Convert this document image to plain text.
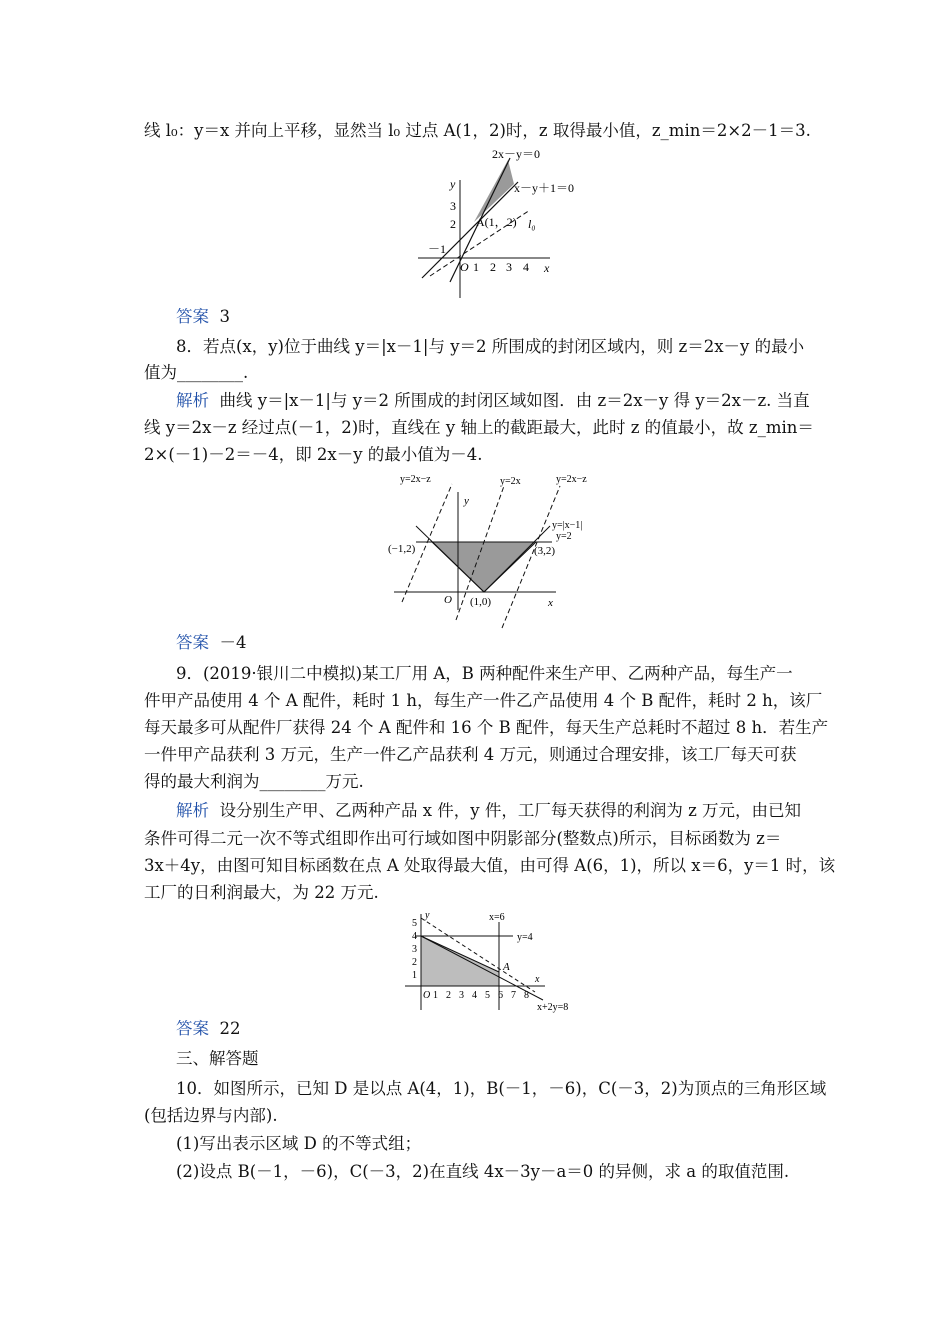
线 l₀：y＝x 并向上平移，显然当 l₀ 过点 A(1，2)时，z 取得最小值，z_min＝2×2－1＝3.
2x－y＝0
x－y＋1＝0
A(1，2) l₀
y
x
O 1 2 3 4
3
2
－1
答案 3
8．若点(x，y)位于曲线 y＝|x－1|与 y＝2 所围成的封闭区域内，则 z＝2x－y 的最小
值为________.
解析 曲线 y＝|x－1|与 y＝2 所围成的封闭区域如图．由 z＝2x－y 得 y＝2x－z. 当直
线 y＝2x－z 经过点(－1，2)时，直线在 y 轴上的截距最大，此时 z 的值最小，故 z_min＝
2×(－1)－2＝－4，即 2x－y 的最小值为－4.
y=2x−z	y=2x	y=2x−z
y=|x−1|
y=2
(−1,2)	(3,2)
(1,0)
y
x
O
答案 －4
9．(2019·银川二中模拟)某工厂用 A，B 两种配件来生产甲、乙两种产品，每生产一
件甲产品使用 4 个 A 配件，耗时 1 h，每生产一件乙产品使用 4 个 B 配件，耗时 2 h，该厂
每天最多可从配件厂获得 24 个 A 配件和 16 个 B 配件，每天生产总耗时不超过 8 h．若生产
一件甲产品获利 3 万元，生产一件乙产品获利 4 万元，则通过合理安排，该工厂每天可获
得的最大利润为________万元.
解析 设分别生产甲、乙两种产品 x 件，y 件，工厂每天获得的利润为 z 万元，由已知
条件可得二元一次不等式组即作出可行域如图中阴影部分(整数点)所示，目标函数为 z＝
3x＋4y，由图可知目标函数在点 A 处取得最大值，由可得 A(6，1)，所以 x＝6，y＝1 时，该
工厂的日利润最大，为 22 万元.
x=6
y=4
A
x+2y=8
y
x
O 1 2 3 4 5 6 7 8
1
2
3
4
5
答案 22
三、解答题
10．如图所示，已知 D 是以点 A(4，1)，B(－1，－6)，C(－3，2)为顶点的三角形区域
(包括边界与内部).
(1)写出表示区域 D 的不等式组；
(2)设点 B(－1，－6)，C(－3，2)在直线 4x－3y－a＝0 的异侧，求 a 的取值范围.
